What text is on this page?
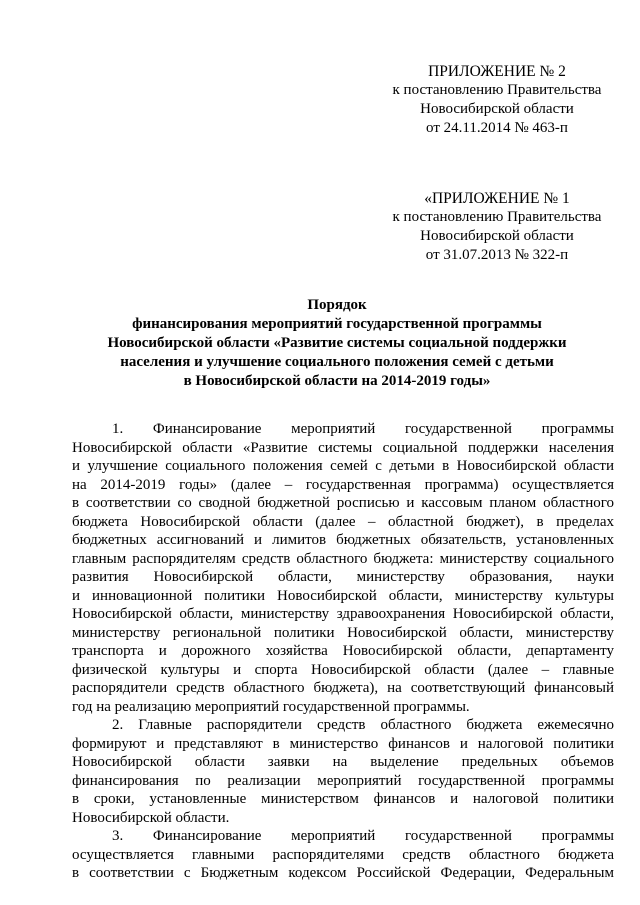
ПРИЛОЖЕНИЕ № 2
к постановлению Правительства
Новосибирской области
от 24.11.2014 № 463-п
«ПРИЛОЖЕНИЕ № 1
к постановлению Правительства
Новосибирской области
от 31.07.2013 № 322-п
Порядок
финансирования мероприятий государственной программы
Новосибирской области «Развитие системы социальной поддержки
населения и улучшение социального положения семей с детьми
в Новосибирской области на 2014-2019 годы»
1. Финансирование мероприятий государственной программы
Новосибирской области «Развитие системы социальной поддержки населения
и улучшение социального положения семей с детьми в Новосибирской области
на 2014-2019 годы» (далее – государственная программа) осуществляется
в соответствии со сводной бюджетной росписью и кассовым планом областного
бюджета Новосибирской области (далее – областной бюджет), в пределах
бюджетных ассигнований и лимитов бюджетных обязательств, установленных
главным распорядителям средств областного бюджета: министерству социального
развития Новосибирской области, министерству образования, науки
и инновационной политики Новосибирской области, министерству культуры
Новосибирской области, министерству здравоохранения Новосибирской области,
министерству региональной политики Новосибирской области, министерству
транспорта и дорожного хозяйства Новосибирской области, департаменту
физической культуры и спорта Новосибирской области (далее – главные
распорядители средств областного бюджета), на соответствующий финансовый
год на реализацию мероприятий государственной программы.
2. Главные распорядители средств областного бюджета ежемесячно
формируют и представляют в министерство финансов и налоговой политики
Новосибирской области заявки на выделение предельных объемов
финансирования по реализации мероприятий государственной программы
в сроки, установленные министерством финансов и налоговой политики
Новосибирской области.
3. Финансирование мероприятий государственной программы
осуществляется главными распорядителями средств областного бюджета
в соответствии с Бюджетным кодексом Российской Федерации, Федеральным
